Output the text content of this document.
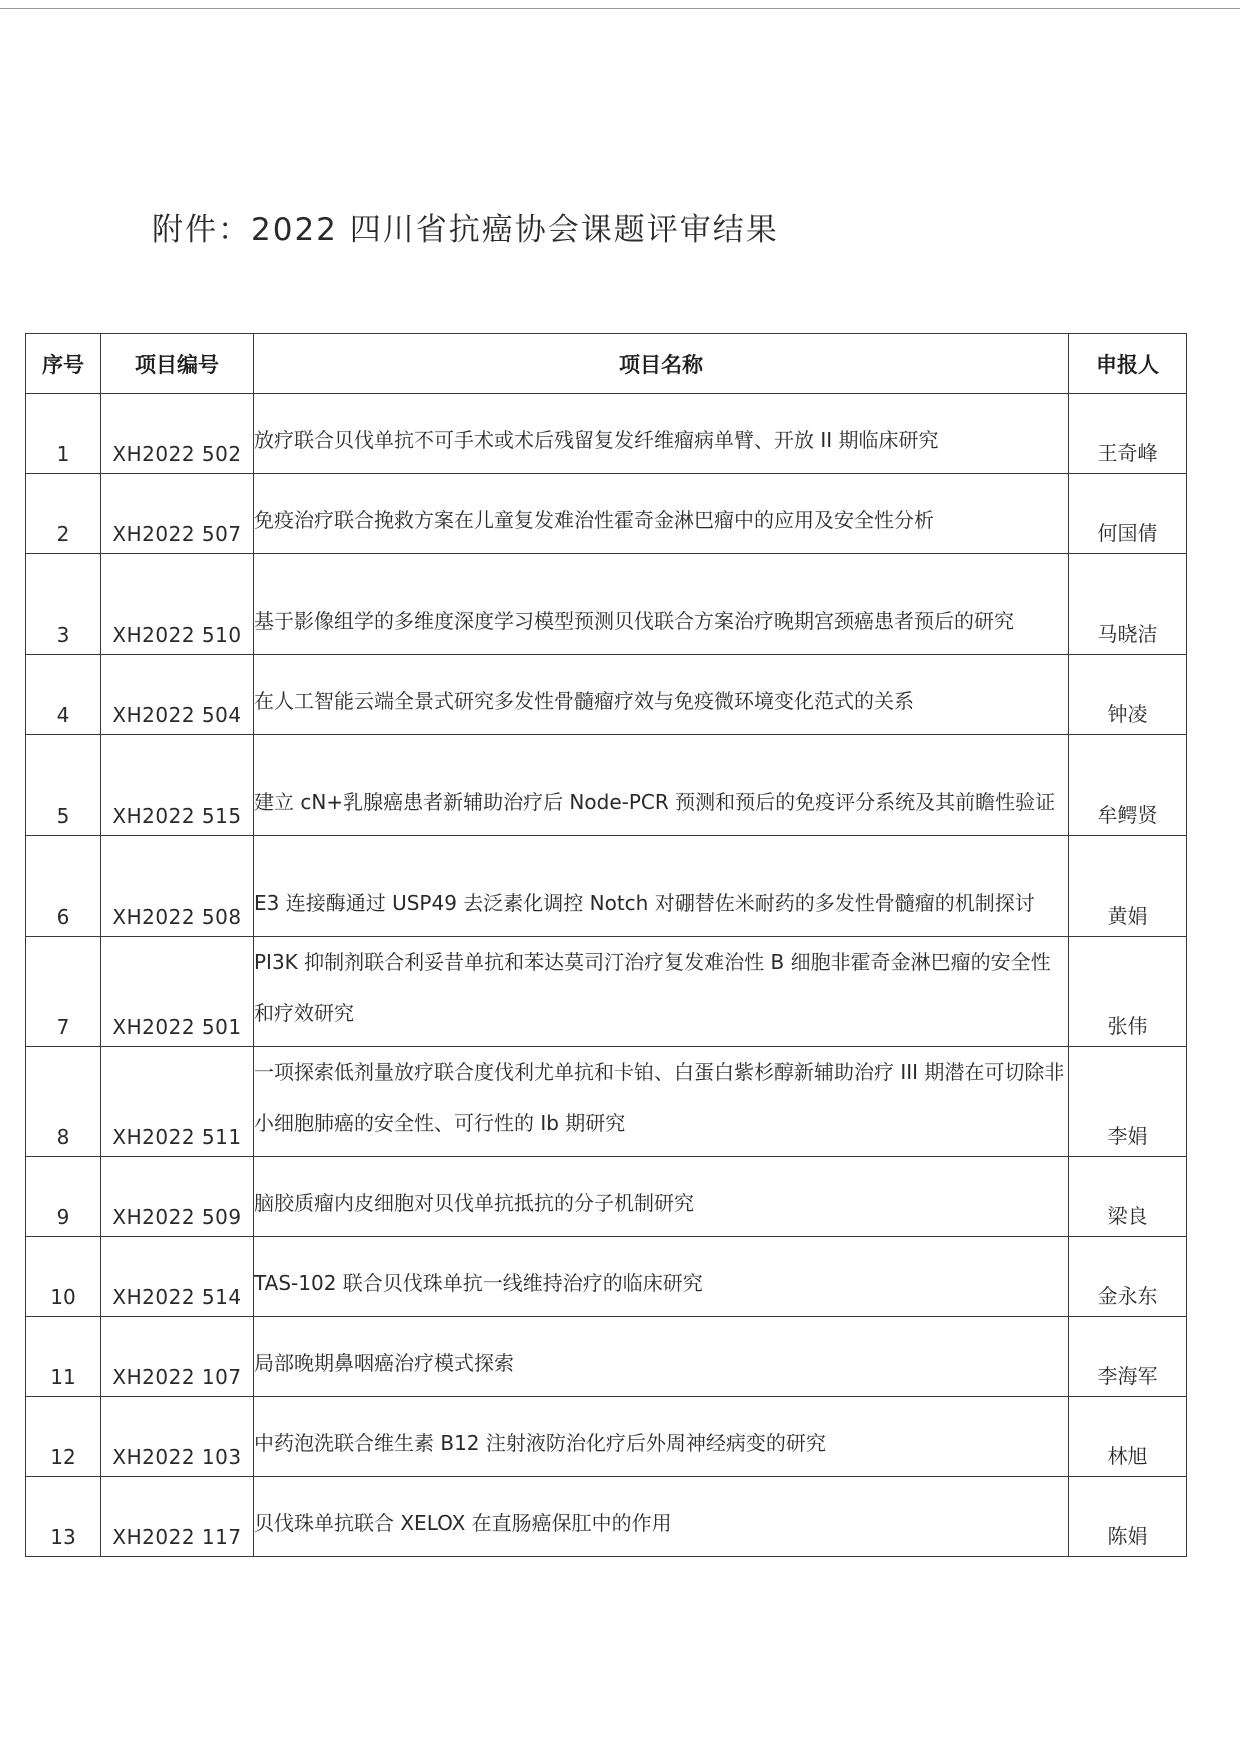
附件：2022 四川省抗癌协会课题评审结果
序号	项目编号	项目名称	申报人
1	XH2022 502	放疗联合贝伐单抗不可手术或术后残留复发纤维瘤病单臂、开放 II 期临床研究	王奇峰
2	XH2022 507	免疫治疗联合挽救方案在儿童复发难治性霍奇金淋巴瘤中的应用及安全性分析	何国倩
3	XH2022 510	基于影像组学的多维度深度学习模型预测贝伐联合方案治疗晚期宫颈癌患者预后的研究	马晓洁
4	XH2022 504	在人工智能云端全景式研究多发性骨髓瘤疗效与免疫微环境变化范式的关系	钟凌
5	XH2022 515	建立 cN+乳腺癌患者新辅助治疗后 Node-PCR 预测和预后的免疫评分系统及其前瞻性验证	牟鳄贤
6	XH2022 508	E3 连接酶通过 USP49 去泛素化调控 Notch 对硼替佐米耐药的多发性骨髓瘤的机制探讨	黄娟
7	XH2022 501	PI3K 抑制剂联合利妥昔单抗和苯达莫司汀治疗复发难治性 B 细胞非霍奇金淋巴瘤的安全性和疗效研究	张伟
8	XH2022 511	一项探索低剂量放疗联合度伐利尤单抗和卡铂、白蛋白紫杉醇新辅助治疗 III 期潜在可切除非小细胞肺癌的安全性、可行性的 Ib 期研究	李娟
9	XH2022 509	脑胶质瘤内皮细胞对贝伐单抗抵抗的分子机制研究	梁良
10	XH2022 514	TAS-102 联合贝伐珠单抗一线维持治疗的临床研究	金永东
11	XH2022 107	局部晚期鼻咽癌治疗模式探索	李海军
12	XH2022 103	中药泡洗联合维生素 B12 注射液防治化疗后外周神经病变的研究	林旭
13	XH2022 117	贝伐珠单抗联合 XELOX 在直肠癌保肛中的作用	陈娟
